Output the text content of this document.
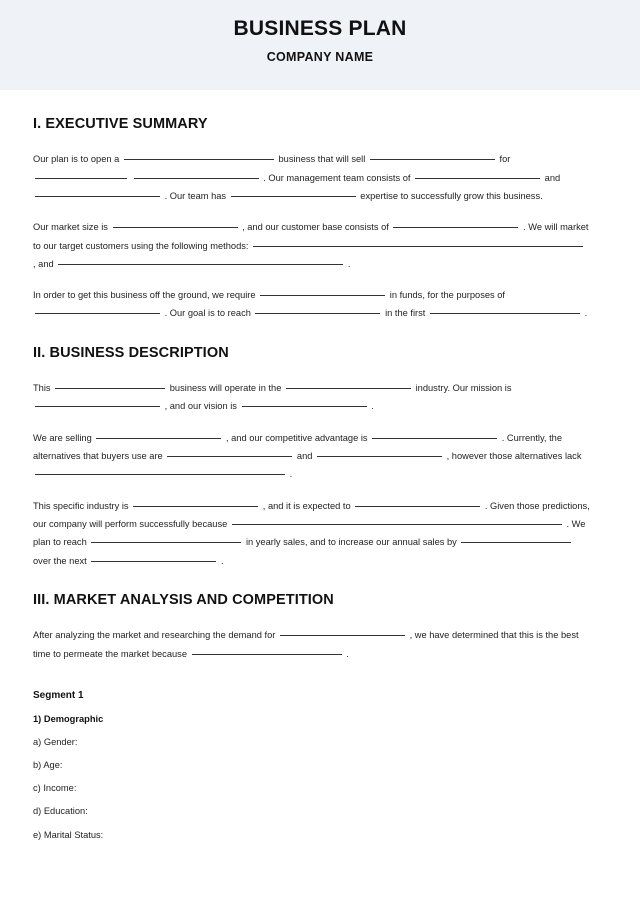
BUSINESS PLAN
COMPANY NAME
I. EXECUTIVE SUMMARY

Our plan is to open a	business that will sell	for   . Our management team consists of	and  . Our team has	expertise to successfully grow this business.

Our market size is	, and our customer base consists of	. We will market to our target customers using the following methods:  , and	.

In order to get this business off the ground, we require	in funds, for the purposes of  . Our goal is to reach	in the first	.

II. BUSINESS DESCRIPTION

This	business will operate in the	industry. Our mission is  , and our vision is	.

We are selling	, and our competitive advantage is	. Currently, the alternatives that buyers use are	and	, however those alternatives lack  .

This specific industry is	, and it is expected to	. Given those predictions, our company will perform successfully because	. We plan to reach	in yearly sales, and to increase our annual sales by  over the next	.

III. MARKET ANALYSIS AND COMPETITION

After analyzing the market and researching the demand for	, we have determined that this is the best time to permeate the market because	.

Segment 1
1) Demographic
a) Gender:
b) Age:
c) Income:
d) Education:
e) Marital Status:
